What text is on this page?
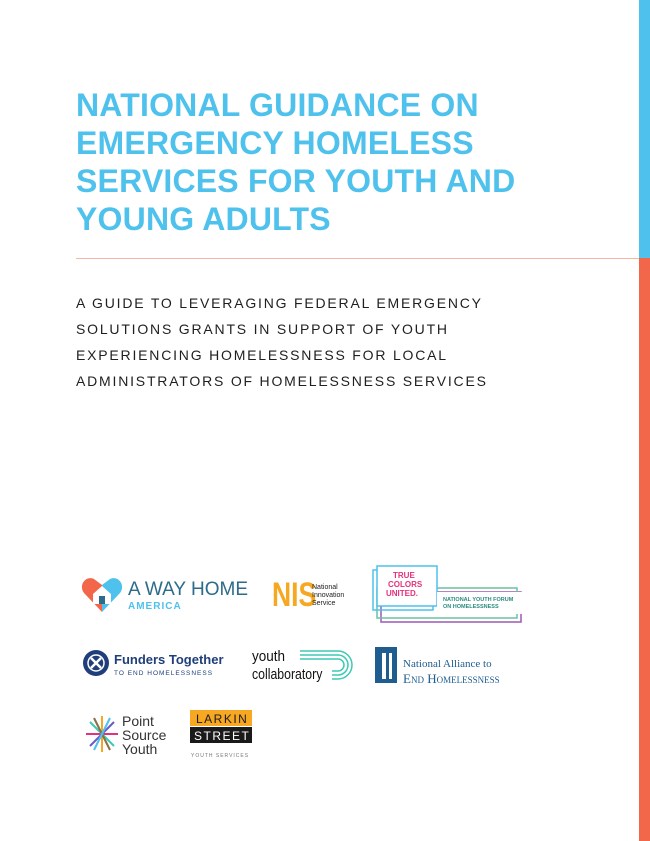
NATIONAL GUIDANCE ON
EMERGENCY HOMELESS
SERVICES FOR YOUTH AND
YOUNG ADULTS

A GUIDE TO LEVERAGING FEDERAL EMERGENCY
SOLUTIONS GRANTS IN SUPPORT OF YOUTH
EXPERIENCING HOMELESSNESS FOR LOCAL
ADMINISTRATORS OF HOMELESSNESS SERVICES

A WAY HOME
AMERICA	NIS
National
Innovation
Service
TRUE
COLORS
UNITED.
NATIONAL YOUTH FORUM
ON HOMELESSNESS
Funders Together
TO END HOMELESSNESS
youth
collaboratory
National Alliance to
End Homelessness
Point
Source
Youth
LARKIN
STREET
YOUTH SERVICES
